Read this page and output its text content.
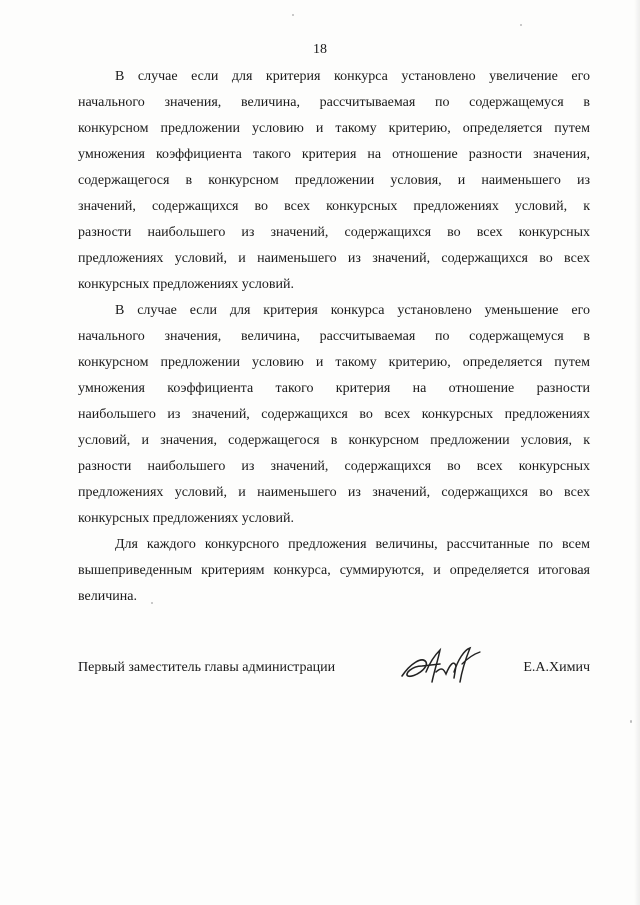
18
В случае если для критерия конкурса установлено увеличение его
начального значения, величина, рассчитываемая по содержащемуся в
конкурсном предложении условию и такому критерию, определяется путем
умножения коэффициента такого критерия на отношение разности значения,
содержащегося в конкурсном предложении условия, и наименьшего из
значений, содержащихся во всех конкурсных предложениях условий, к
разности наибольшего из значений, содержащихся во всех конкурсных
предложениях условий, и наименьшего из значений, содержащихся во всех
конкурсных предложениях условий.
В случае если для критерия конкурса установлено уменьшение его
начального значения, величина, рассчитываемая по содержащемуся в
конкурсном предложении условию и такому критерию, определяется путем
умножения коэффициента такого критерия на отношение разности
наибольшего из значений, содержащихся во всех конкурсных предложениях
условий, и значения, содержащегося в конкурсном предложении условия, к
разности наибольшего из значений, содержащихся во всех конкурсных
предложениях условий, и наименьшего из значений, содержащихся во всех
конкурсных предложениях условий.
Для каждого конкурсного предложения величины, рассчитанные по всем
вышеприведенным критериям конкурса, суммируются, и определяется итоговая
величина.
Первый заместитель главы администрации	Е.А.Химич
